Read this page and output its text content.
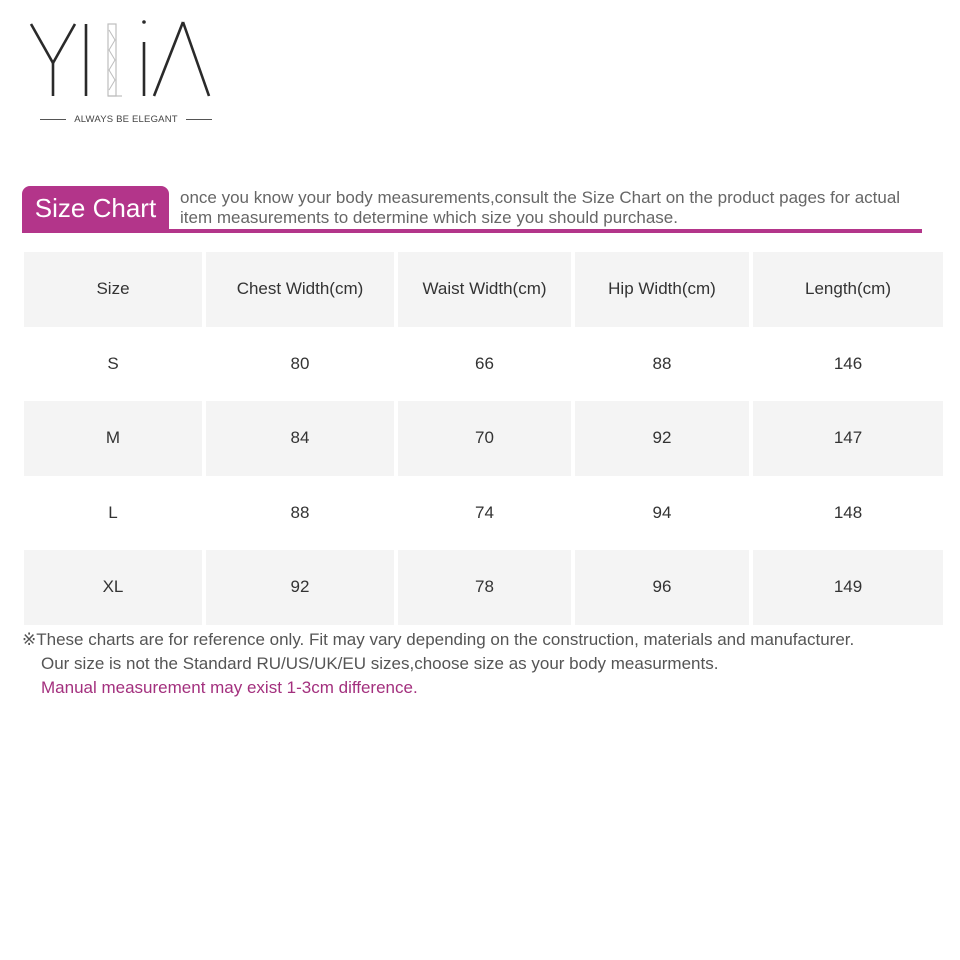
ALWAYS BE ELEGANT
Size Chart	once you know your body measurements,consult the Size Chart on the product pages for actual item measurements to determine which size you should purchase.
Size	Chest Width(cm)	Waist Width(cm)	Hip Width(cm)	Length(cm)
S	80	66	88	146
M	84	70	92	147
L	88	74	94	148
XL	92	78	96	149
※These charts are for reference only. Fit may vary depending on the construction, materials and manufacturer.
Our size is not the Standard RU/US/UK/EU sizes,choose size as your body measurments.
Manual measurement may exist 1-3cm difference.
